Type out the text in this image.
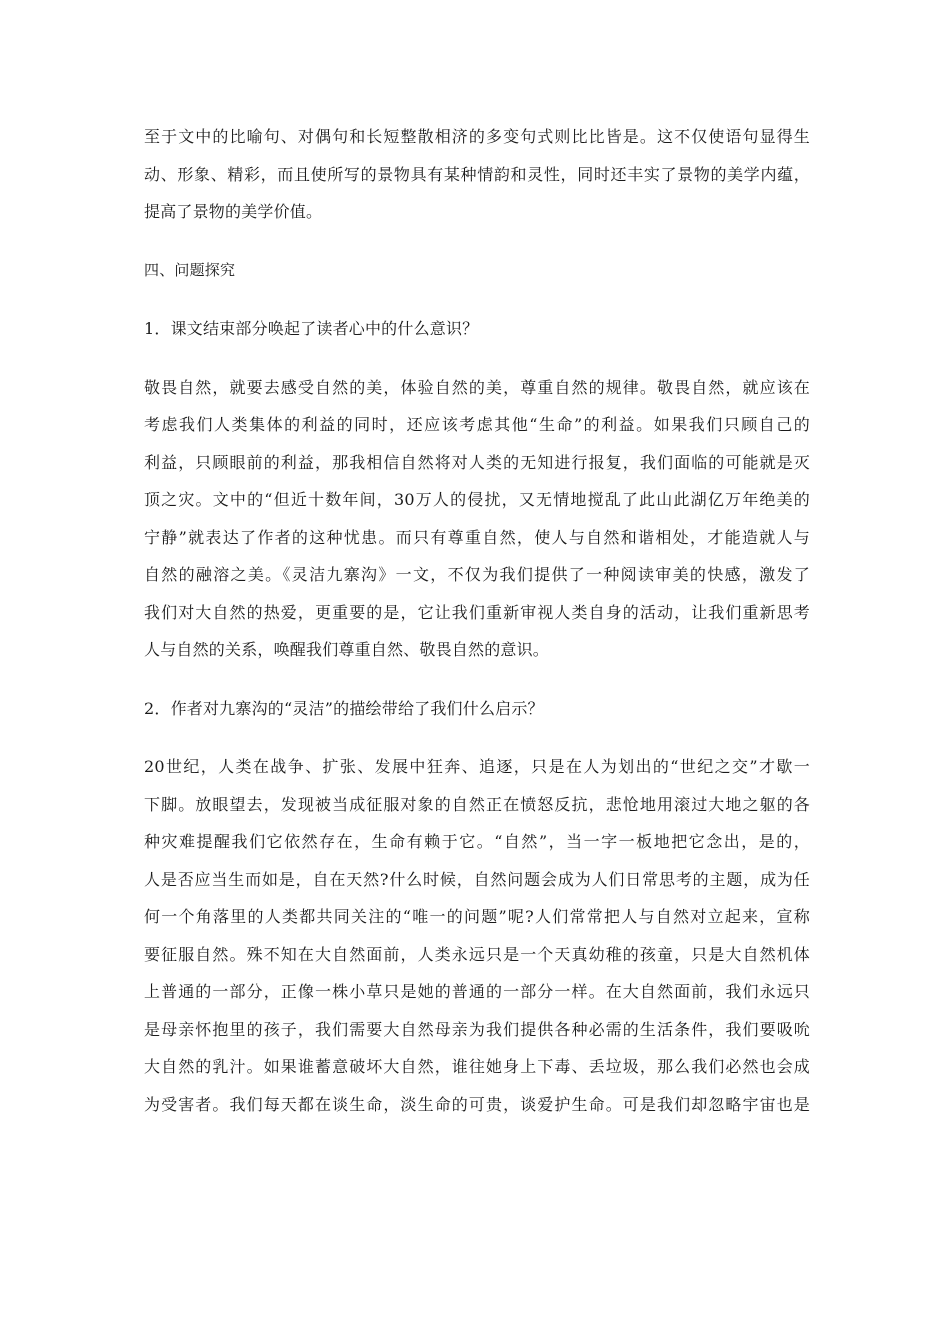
至于文中的比喻句、对偶句和长短整散相济的多变句式则比比皆是。这不仅使语句显得生
动、形象、精彩，而且使所写的景物具有某种情韵和灵性，同时还丰实了景物的美学内蕴，
提高了景物的美学价值。
四、问题探究
1．课文结束部分唤起了读者心中的什么意识？
敬畏自然，就要去感受自然的美，体验自然的美，尊重自然的规律。敬畏自然，就应该在
考虑我们人类集体的利益的同时，还应该考虑其他“生命”的利益。如果我们只顾自己的
利益，只顾眼前的利益，那我相信自然将对人类的无知进行报复，我们面临的可能就是灭
顶之灾。文中的“但近十数年间，30万人的侵扰，又无情地搅乱了此山此湖亿万年绝美的
宁静”就表达了作者的这种忧患。而只有尊重自然，使人与自然和谐相处，才能造就人与
自然的融溶之美。《灵洁九寨沟》一文，不仅为我们提供了一种阅读审美的快感，激发了
我们对大自然的热爱，更重要的是，它让我们重新审视人类自身的活动，让我们重新思考
人与自然的关系，唤醒我们尊重自然、敬畏自然的意识。
2．作者对九寨沟的“灵洁”的描绘带给了我们什么启示？
20世纪，人类在战争、扩张、发展中狂奔、追逐，只是在人为划出的“世纪之交”才歇一
下脚。放眼望去，发现被当成征服对象的自然正在愤怒反抗，悲怆地用滚过大地之躯的各
种灾难提醒我们它依然存在，生命有赖于它。“自然”，当一字一板地把它念出，是的，
人是否应当生而如是，自在天然?什么时候，自然问题会成为人们日常思考的主题，成为任
何一个角落里的人类都共同关注的“唯一的问题”呢?人们常常把人与自然对立起来，宣称
要征服自然。殊不知在大自然面前，人类永远只是一个天真幼稚的孩童，只是大自然机体
上普通的一部分，正像一株小草只是她的普通的一部分一样。在大自然面前，我们永远只
是母亲怀抱里的孩子，我们需要大自然母亲为我们提供各种必需的生活条件，我们要吸吮
大自然的乳汁。如果谁蓄意破坏大自然，谁往她身上下毒、丢垃圾，那么我们必然也会成
为受害者。我们每天都在谈生命，淡生命的可贵，谈爱护生命。可是我们却忽略宇宙也是
